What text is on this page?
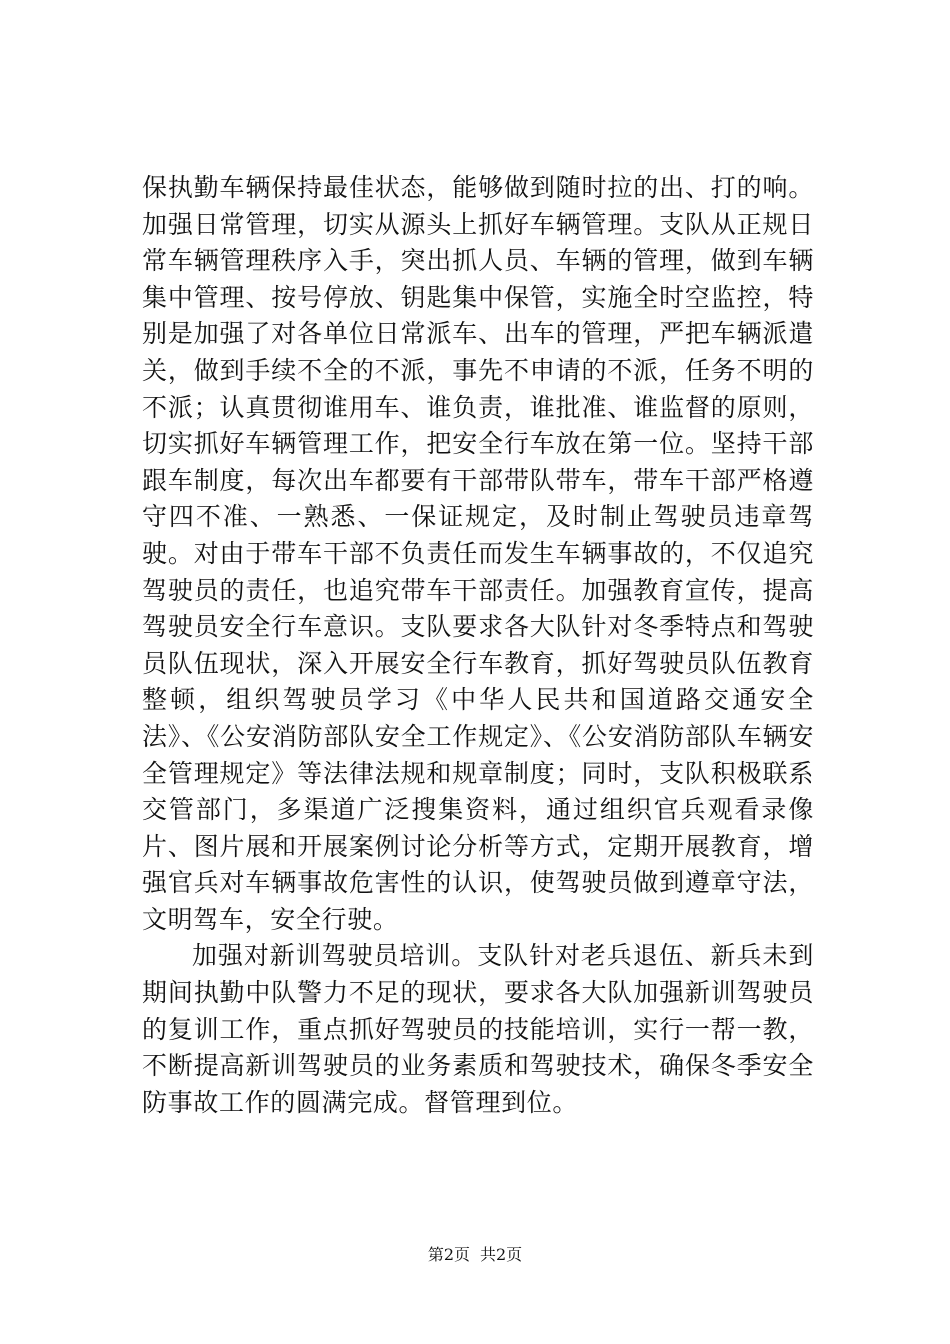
保执勤车辆保持最佳状态，能够做到随时拉的出、打的响。加强日常管理，切实从源头上抓好车辆管理。支队从正规日常车辆管理秩序入手，突出抓人员、车辆的管理，做到车辆集中管理、按号停放、钥匙集中保管，实施全时空监控，特别是加强了对各单位日常派车、出车的管理，严把车辆派遣关，做到手续不全的不派，事先不申请的不派，任务不明的不派；认真贯彻谁用车、谁负责，谁批准、谁监督的原则，切实抓好车辆管理工作，把安全行车放在第一位。坚持干部跟车制度，每次出车都要有干部带队带车，带车干部严格遵守四不准、一熟悉、一保证规定，及时制止驾驶员违章驾驶。对由于带车干部不负责任而发生车辆事故的，不仅追究驾驶员的责任，也追究带车干部责任。加强教育宣传，提高驾驶员安全行车意识。支队要求各大队针对冬季特点和驾驶员队伍现状，深入开展安全行车教育，抓好驾驶员队伍教育整顿，组织驾驶员学习《中华人民共和国道路交通安全法》、《公安消防部队安全工作规定》、《公安消防部队车辆安全管理规定》等法律法规和规章制度；同时，支队积极联系交管部门，多渠道广泛搜集资料，通过组织官兵观看录像片、图片展和开展案例讨论分析等方式，定期开展教育，增强官兵对车辆事故危害性的认识，使驾驶员做到遵章守法，文明驾车，安全行驶。

加强对新训驾驶员培训。支队针对老兵退伍、新兵未到期间执勤中队警力不足的现状，要求各大队加强新训驾驶员的复训工作，重点抓好驾驶员的技能培训，实行一帮一教，不断提高新训驾驶员的业务素质和驾驶技术，确保冬季安全防事故工作的圆满完成。督管理到位。

第2页 共2页
